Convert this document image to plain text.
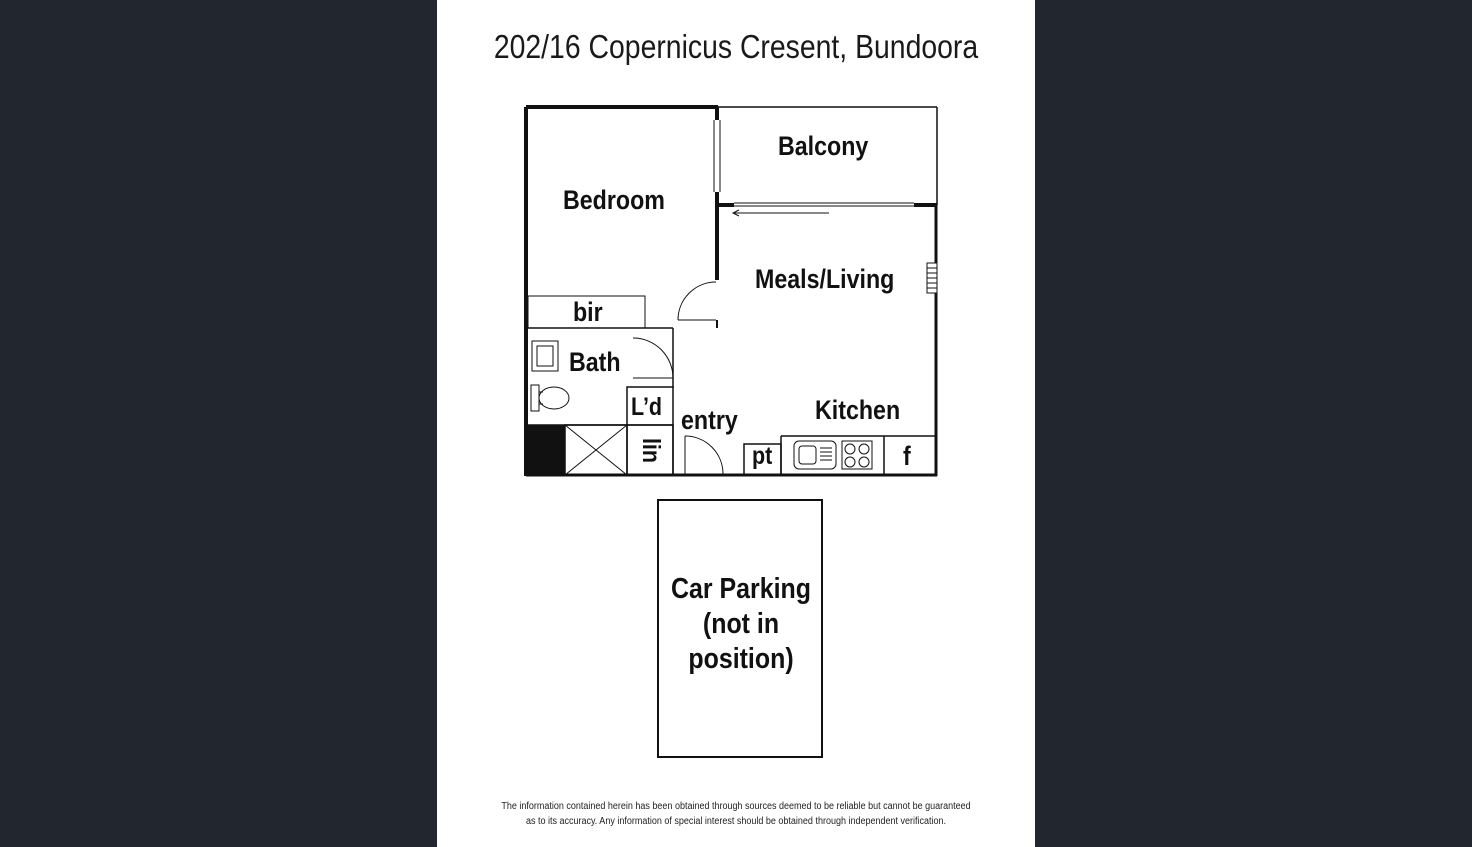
202/16 Copernicus Cresent, Bundoora
Balcony
Bedroom
Meals/Living
bir
Bath
L’d entry	Kitchen
pt	f
lin
Car Parking
(not in
position)
The information contained herein has been obtained through sources deemed to be reliable but cannot be guaranteed
as to its accuracy. Any information of special interest should be obtained through independent verification.
